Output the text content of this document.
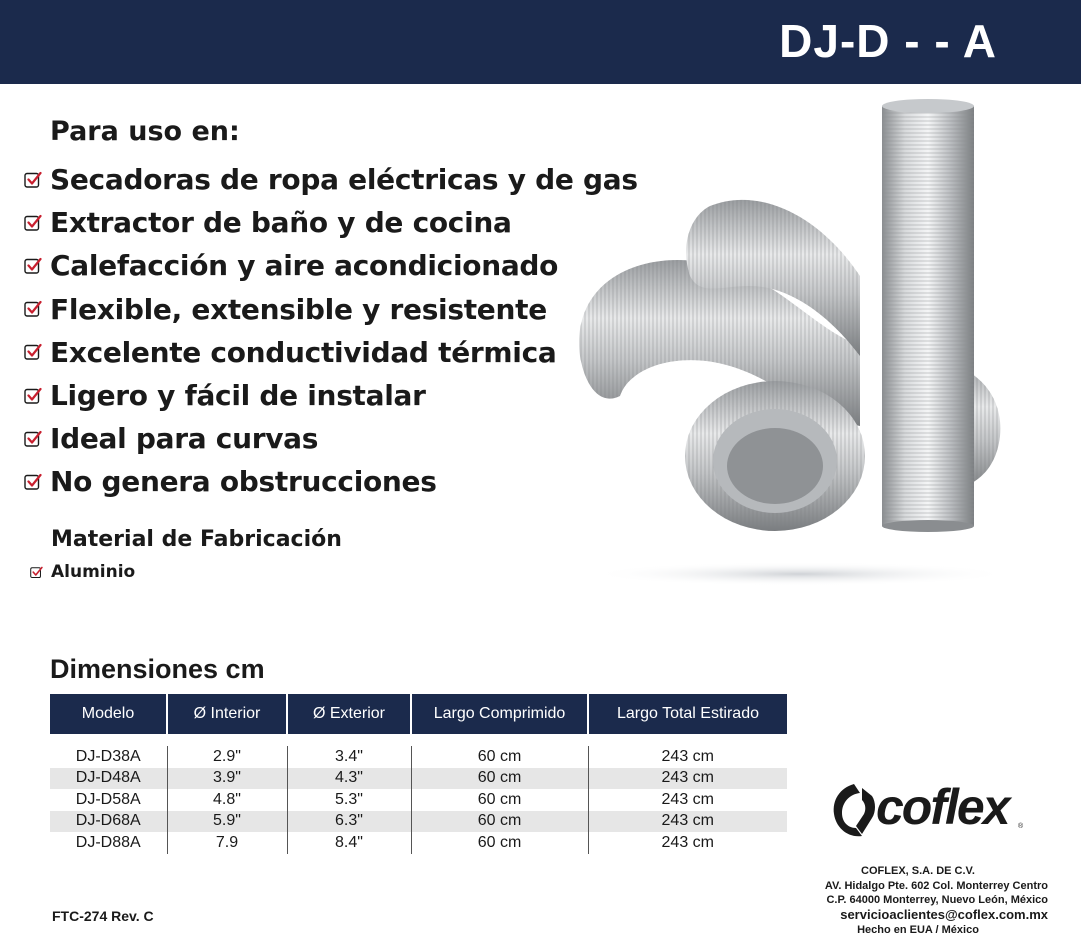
DJ-D - - A
Para uso en:
Secadoras de ropa eléctricas y de gas
Extractor de baño y de cocina
Calefacción y aire acondicionado
Flexible, extensible y resistente
Excelente conductividad térmica
Ligero y fácil de instalar
Ideal para curvas
No genera obstrucciones
Material de Fabricación
Aluminio
Dimensiones cm
Modelo	Ø Interior	Ø Exterior	Largo Comprimido	Largo Total Estirado

DJ-D38A	2.9"	3.4"	60 cm	243 cm
DJ-D48A	3.9"	4.3"	60 cm	243 cm
DJ-D58A	4.8"	5.3"	60 cm	243 cm
DJ-D68A	5.9"	6.3"	60 cm	243 cm
DJ-D88A	7.9	8.4"	60 cm	243 cm
coflex	®
COFLEX, S.A. DE C.V.
AV. Hidalgo Pte. 602 Col. Monterrey Centro
C.P. 64000 Monterrey, Nuevo León, México
servicioaclientes@coflex.com.mx
Hecho en EUA / México
FTC-274 Rev. C
